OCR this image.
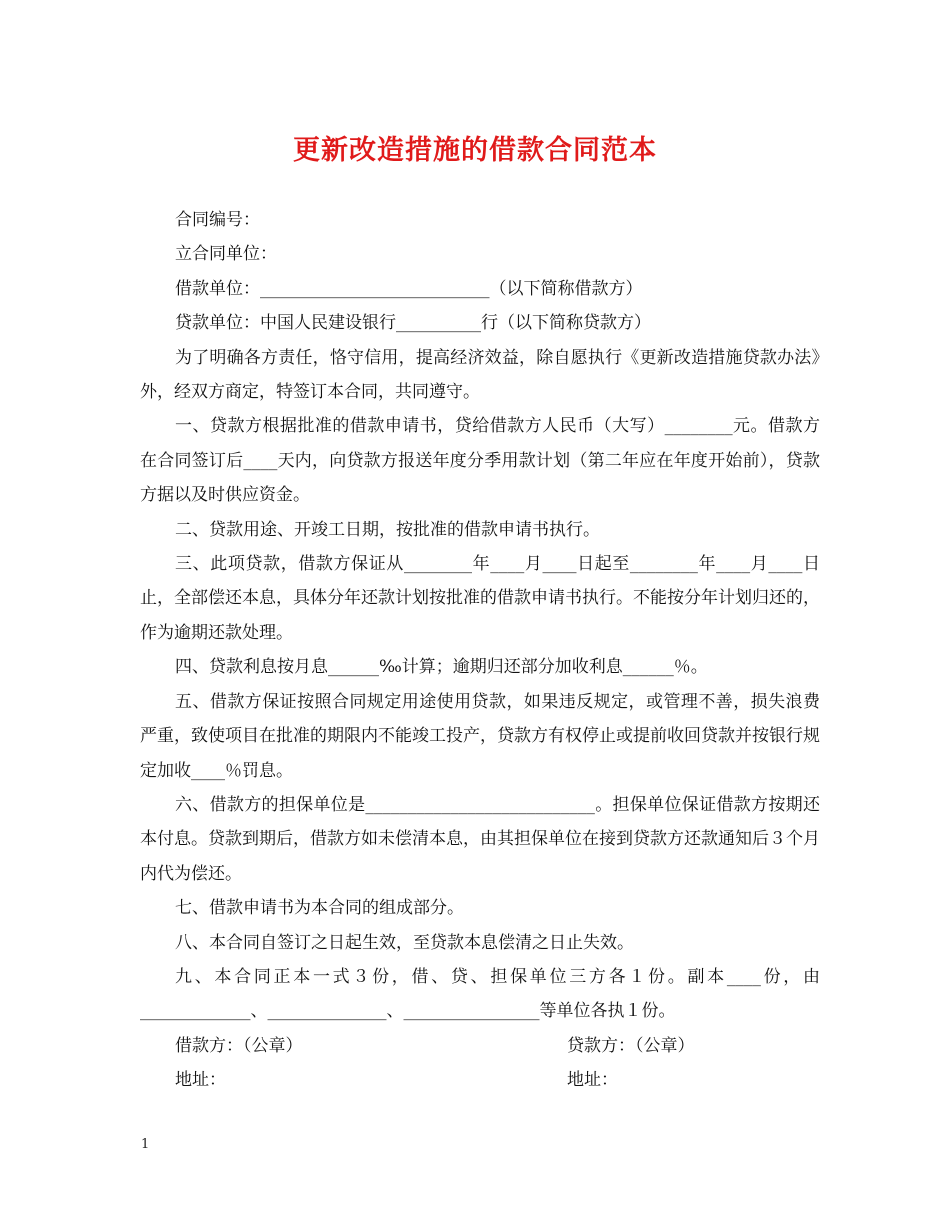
更新改造措施的借款合同范本

合同编号：

立合同单位：

借款单位：___________________________（以下简称借款方）

贷款单位：中国人民建设银行__________行（以下简称贷款方）

为了明确各方责任，恪守信用，提高经济效益，除自愿执行《更新改造措施贷款办法》外，经双方商定，特签订本合同，共同遵守。

一、贷款方根据批准的借款申请书，贷给借款方人民币（大写）________元。借款方在合同签订后____天内，向贷款方报送年度分季用款计划（第二年应在年度开始前），贷款方据以及时供应资金。

二、贷款用途、开竣工日期，按批准的借款申请书执行。

三、此项贷款，借款方保证从________年____月____日起至________年____月____日止，全部偿还本息，具体分年还款计划按批准的借款申请书执行。不能按分年计划归还的，作为逾期还款处理。

四、贷款利息按月息______‰计算；逾期归还部分加收利息______％。

五、借款方保证按照合同规定用途使用贷款，如果违反规定，或管理不善，损失浪费严重，致使项目在批准的期限内不能竣工投产，贷款方有权停止或提前收回贷款并按银行规定加收____％罚息。

六、借款方的担保单位是___________________________。担保单位保证借款方按期还本付息。贷款到期后，借款方如未偿清本息，由其担保单位在接到贷款方还款通知后３个月内代为偿还。

七、借款申请书为本合同的组成部分。

八、本合同自签订之日起生效，至贷款本息偿清之日止失效。

九、本合同正本一式３份，借、贷、担保单位三方各１份。副本____份，由_____________、______________、________________等单位各执１份。

借款方：（公章）	贷款方：（公章）
地址：	地址：
1
